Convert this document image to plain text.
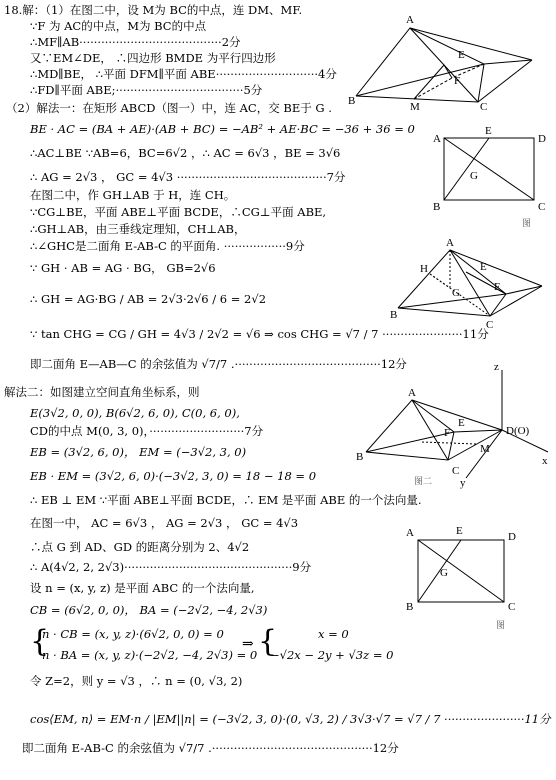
18.解：（1）在图二中，设 M为 BC的中点，连 DM、MF.
∵F 为 AC的中点，M为 BC的中点
∴MF∥AB·······································2分
又∵EM∠DE， ∴四边形 BMDE 为平行四边形
∴MD∥BE， ∴平面 DFM∥平面 ABE····························4分
∴FD∥平面 ABE;···································5分
（2）解法一：在矩形 ABCD（图一）中，连 AC，交 BE于 G .
BE · AC = (BA + AE)·(AB + BC) = −AB² + AE·BC = −36 + 36 = 0
∴AC⊥BE ∵AB=6，BC=6√2 ，∴ AC = 6√3 ，BE = 3√6
∴ AG = 2√3 ， GC = 4√3 ·········································7分
在图二中，作 GH⊥AB 于 H，连 CH。
∵CG⊥BE，平面 ABE⊥平面 BCDE，∴CG⊥平面 ABE,
∴GH⊥AB，由三垂线定理知，CH⊥AB，
∴∠GHC是二面角 E-AB-C 的平面角. ·················9分
∵ GH · AB = AG · BG， GB=2√6
∴ GH = AG·BG / AB = 2√3·2√6 / 6 = 2√2
∵ tan CHG = CG / GH = 4√3 / 2√2 = √6 ⇒ cos CHG = √7 / 7 ······················11分
即二面角 E—AB—C 的余弦值为 √7/7 .········································12分
解法二：如图建立空间直角坐标系，则
E(3√2, 0, 0), B(6√2, 6, 0), C(0, 6, 0),
CD的中点 M(0, 3, 0)，··························7分
EB = (3√2, 6, 0)， EM = (−3√2, 3, 0)
EB · EM = (3√2, 6, 0)·(−3√2, 3, 0) = 18 − 18 = 0
∴ EB ⊥ EM ∵平面 ABE⊥平面 BCDE，∴ EM 是平面 ABE 的一个法向量.
在图一中， AC = 6√3 ， AG = 2√3 ， GC = 4√3
∴点 G 到 AD、GD 的距离分别为 2、4√2
∴ A(4√2, 2, 2√3)··············································9分
设 n = (x, y, z) 是平面 ABC 的一个法向量,
CB = (6√2, 0, 0)， BA = (−2√2, −4, 2√3)
{
n · CB = (x, y, z)·(6√2, 0, 0) = 0
n · BA = (x, y, z)·(−2√2, −4, 2√3) = 0
⇒ {	x = 0
−√2x − 2y + √3z = 0
令 Z=2，则 y = √3 ，∴ n = (0, √3, 2)
cos⟨EM, n⟩ = EM·n / |EM||n| = (−3√2, 3, 0)·(0, √3, 2) / 3√3·√7 = √7 / 7 ······················11分
即二面角 E-AB-C 的余弦值为 √7/7 .············································12分
A
B	C
E
F
M
A
E
D
B
G
C
图
A
H	E
F
G
B
C
z
A
E
F	D(O)
B
M
C
y
x
图二
A	E	D
G
B	C
图
